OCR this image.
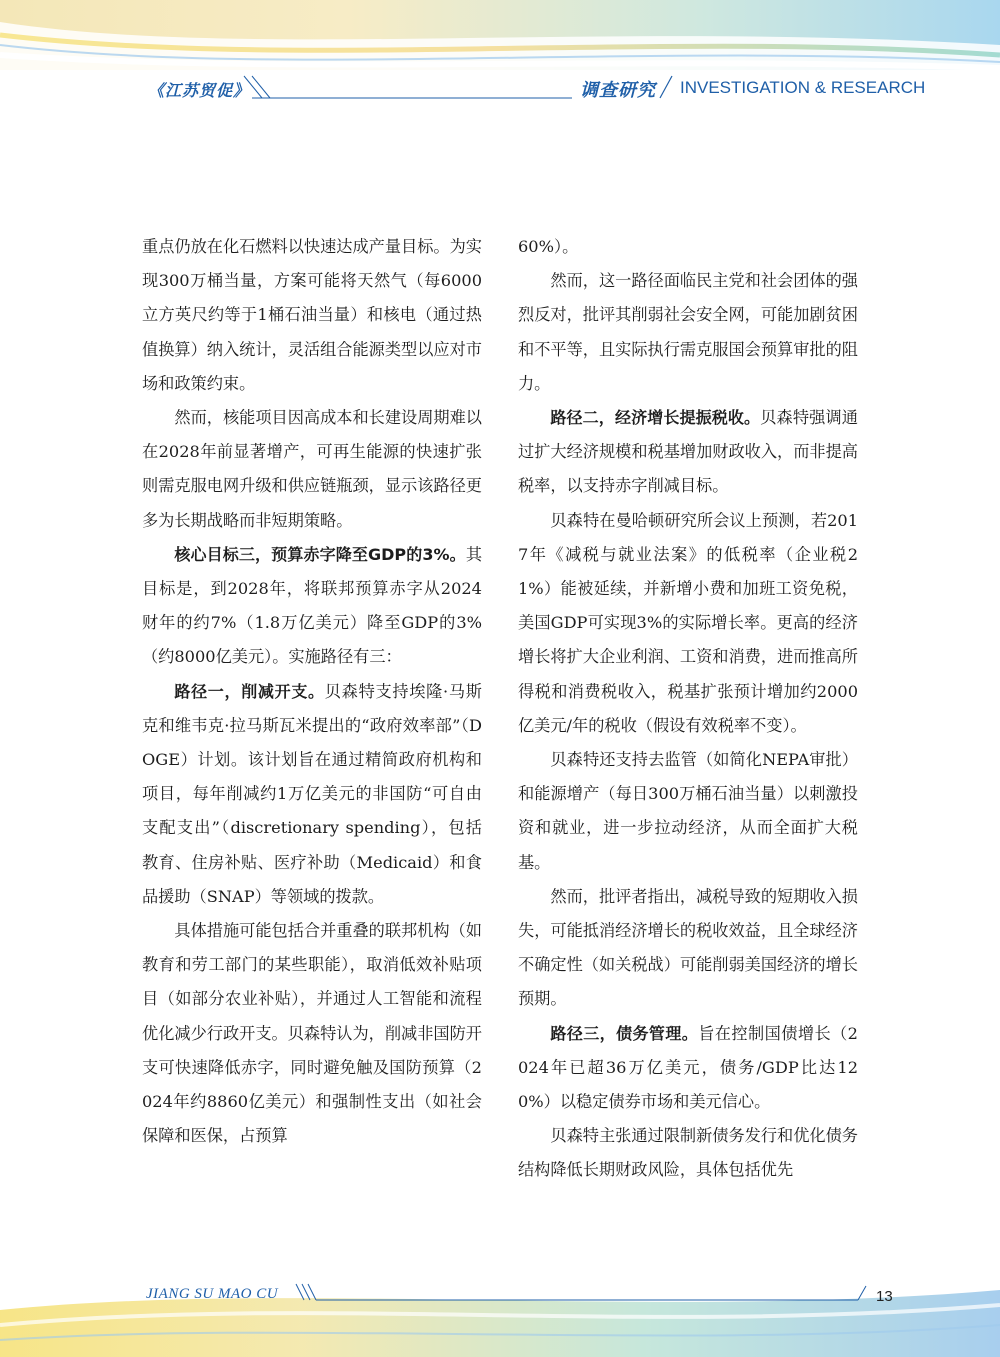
《江苏贸促》	调查研究 INVESTIGATION & RESEARCH

重点仍放在化石燃料以快速达成产量目标。为实现300万桶当量，方案可能将天然气（每6000立方英尺约等于1桶石油当量）和核电（通过热值换算）纳入统计，灵活组合能源类型以应对市场和政策约束。

然而，核能项目因高成本和长建设周期难以在2028年前显著增产，可再生能源的快速扩张则需克服电网升级和供应链瓶颈，显示该路径更多为长期战略而非短期策略。

核心目标三，预算赤字降至GDP的3%。其目标是，到2028年，将联邦预算赤字从2024财年的约7%（1.8万亿美元）降至GDP的3%（约8000亿美元）。实施路径有三：

路径一，削减开支。贝森特支持埃隆·马斯克和维韦克·拉马斯瓦米提出的“政府效率部”（DOGE）计划。该计划旨在通过精简政府机构和项目，每年削减约1万亿美元的非国防“可自由支配支出”（discretionary spending），包括教育、住房补贴、医疗补助（Medicaid）和食品援助（SNAP）等领域的拨款。

具体措施可能包括合并重叠的联邦机构（如教育和劳工部门的某些职能），取消低效补贴项目（如部分农业补贴），并通过人工智能和流程优化减少行政开支。贝森特认为，削减非国防开支可快速降低赤字，同时避免触及国防预算（2024年约8860亿美元）和强制性支出（如社会保障和医保，占预算

60%）。

然而，这一路径面临民主党和社会团体的强烈反对，批评其削弱社会安全网，可能加剧贫困和不平等，且实际执行需克服国会预算审批的阻力。

路径二，经济增长提振税收。贝森特强调通过扩大经济规模和税基增加财政收入，而非提高税率，以支持赤字削减目标。

贝森特在曼哈顿研究所会议上预测，若2017年《减税与就业法案》的低税率（企业税21%）能被延续，并新增小费和加班工资免税，美国GDP可实现3%的实际增长率。更高的经济增长将扩大企业利润、工资和消费，进而推高所得税和消费税收入，税基扩张预计增加约2000亿美元/年的税收（假设有效税率不变）。

贝森特还支持去监管（如简化NEPA审批）和能源增产（每日300万桶石油当量）以刺激投资和就业，进一步拉动经济，从而全面扩大税基。

然而，批评者指出，减税导致的短期收入损失，可能抵消经济增长的税收效益，且全球经济不确定性（如关税战）可能削弱美国经济的增长预期。

路径三，债务管理。旨在控制国债增长（2024年已超36万亿美元，债务/GDP比达120%）以稳定债券市场和美元信心。

贝森特主张通过限制新债务发行和优化债务结构降低长期财政风险，具体包括优先

JIANG SU MAO CU	13
